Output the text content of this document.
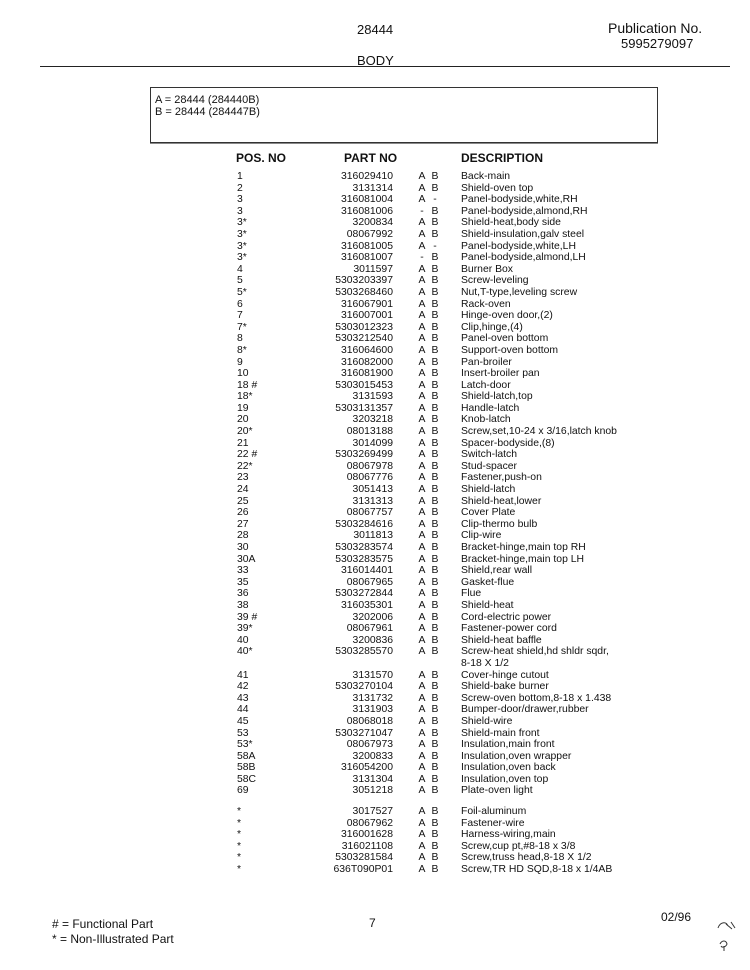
28444	Publication No.
5995279097
BODY
A = 28444 (284440B)
B = 28444 (284447B)
POS. NO	PART NO	DESCRIPTION
1	316029410 A B Back-main
2	3131314 A B Shield-oven top
3	316081004 A -	Panel-bodyside,white,RH
3	316081006	- B Panel-bodyside,almond,RH
3*	3200834 A B Shield-heat,body side
3*	08067992 A B Shield-insulation,galv steel
3*	316081005 A -	Panel-bodyside,white,LH
3*	316081007	- B Panel-bodyside,almond,LH
4	3011597 A B Burner Box
5	5303203397 A B Screw-leveling
5*	5303268460 A B Nut,T-type,leveling screw
6	316067901 A B Rack-oven
7	316007001 A B Hinge-oven door,(2)
7*	5303012323 A B Clip,hinge,(4)
8	5303212540 A B Panel-oven bottom
8*	316064600 A B Support-oven bottom
9	316082000 A B Pan-broiler
10	316081900 A B Insert-broiler pan
18 #	5303015453 A B Latch-door
18*	3131593 A B Shield-latch,top
19	5303131357 A B Handle-latch
20	3203218 A B Knob-latch
20*	08013188 A B Screw,set,10-24 x 3/16,latch knob
21	3014099 A B Spacer-bodyside,(8)
22 #	5303269499 A B Switch-latch
22*	08067978 A B Stud-spacer
23	08067776 A B Fastener,push-on
24	3051413 A B Shield-latch
25	3131313 A B Shield-heat,lower
26	08067757 A B Cover Plate
27	5303284616 A B Clip-thermo bulb
28	3011813 A B Clip-wire
30	5303283574 A B Bracket-hinge,main top RH
30A	5303283575 A B Bracket-hinge,main top LH
33	316014401 A B Shield,rear wall
35	08067965 A B Gasket-flue
36	5303272844 A B Flue
38	316035301 A B Shield-heat
39 #	3202006 A B Cord-electric power
39*	08067961 A B Fastener-power cord
40	3200836 A B Shield-heat baffle
40*	5303285570 A B Screw-heat shield,hd shldr sqdr,
8-18 X 1/2
41	3131570 A B Cover-hinge cutout
42	5303270104 A B Shield-bake burner
43	3131732 A B Screw-oven bottom,8-18 x 1.438
44	3131903 A B Bumper-door/drawer,rubber
45	08068018 A B Shield-wire
53	5303271047 A B Shield-main front
53*	08067973 A B Insulation,main front
58A	3200833 A B Insulation,oven wrapper
58B	316054200 A B Insulation,oven back
58C	3131304 A B Insulation,oven top
69	3051218 A B Plate-oven light
*	3017527 A B Foil-aluminum
*	08067962 A B Fastener-wire
*	316001628 A B Harness-wiring,main
*	316021108 A B Screw,cup pt,#8-18 x 3/8
*	5303281584 A B Screw,truss head,8-18 X 1/2
*	636T090P01 A B Screw,TR HD SQD,8-18 x 1/4AB
# = Functional Part
* = Non-Illustrated Part
7	02/96
